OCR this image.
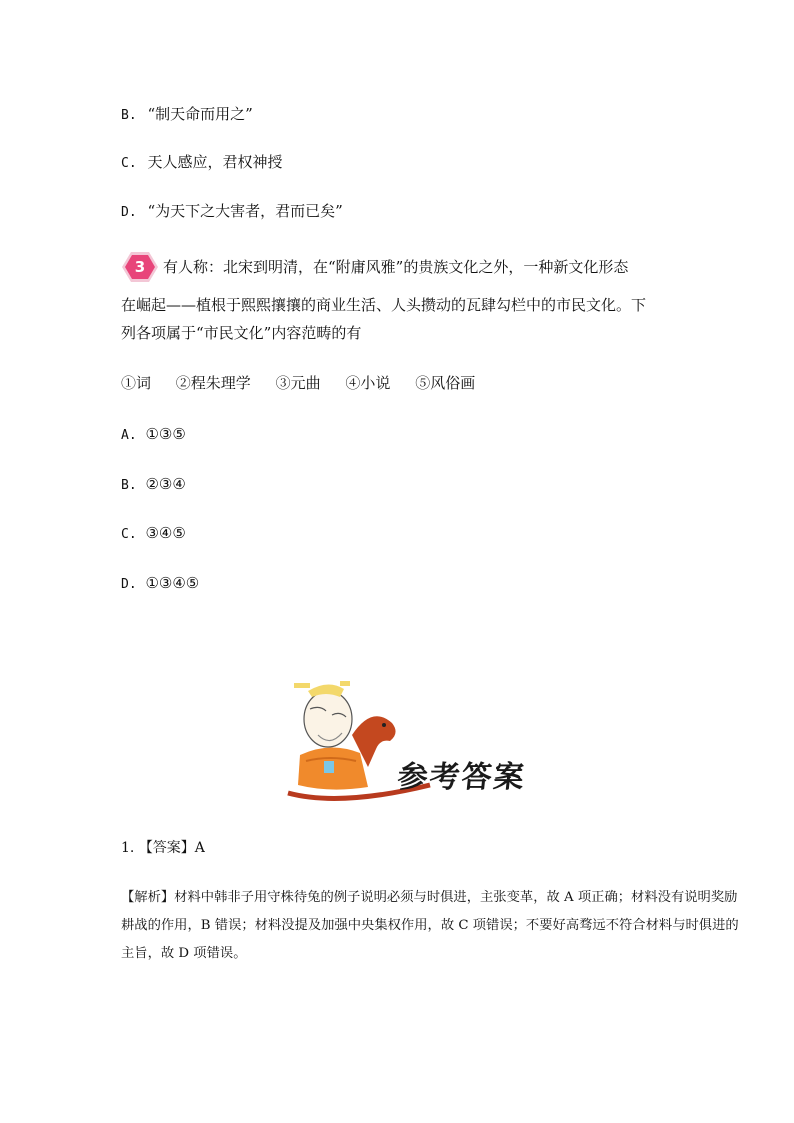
B. “制天命而用之”
C. 天人感应，君权神授
D. “为天下之大害者，君而已矣”
3	有人称：北宋到明清，在“附庸风雅”的贵族文化之外，一种新文化形态
在崛起——植根于熙熙攘攘的商业生活、人头攒动的瓦肆勾栏中的市民文化。下
列各项属于“市民文化”内容范畴的有
①词 ②程朱理学 ③元曲 ④小说 ⑤风俗画
A. ①③⑤
B. ②③④
C. ③④⑤
D. ①③④⑤
参考答案
1. 【答案】A
【解析】材料中韩非子用守株待兔的例子说明必须与时俱进，主张变革，故 A 项正确；材料没有说明奖励
耕战的作用，B 错误；材料没提及加强中央集权作用，故 C 项错误；不要好高骛远不符合材料与时俱进的
主旨，故 D 项错误。
